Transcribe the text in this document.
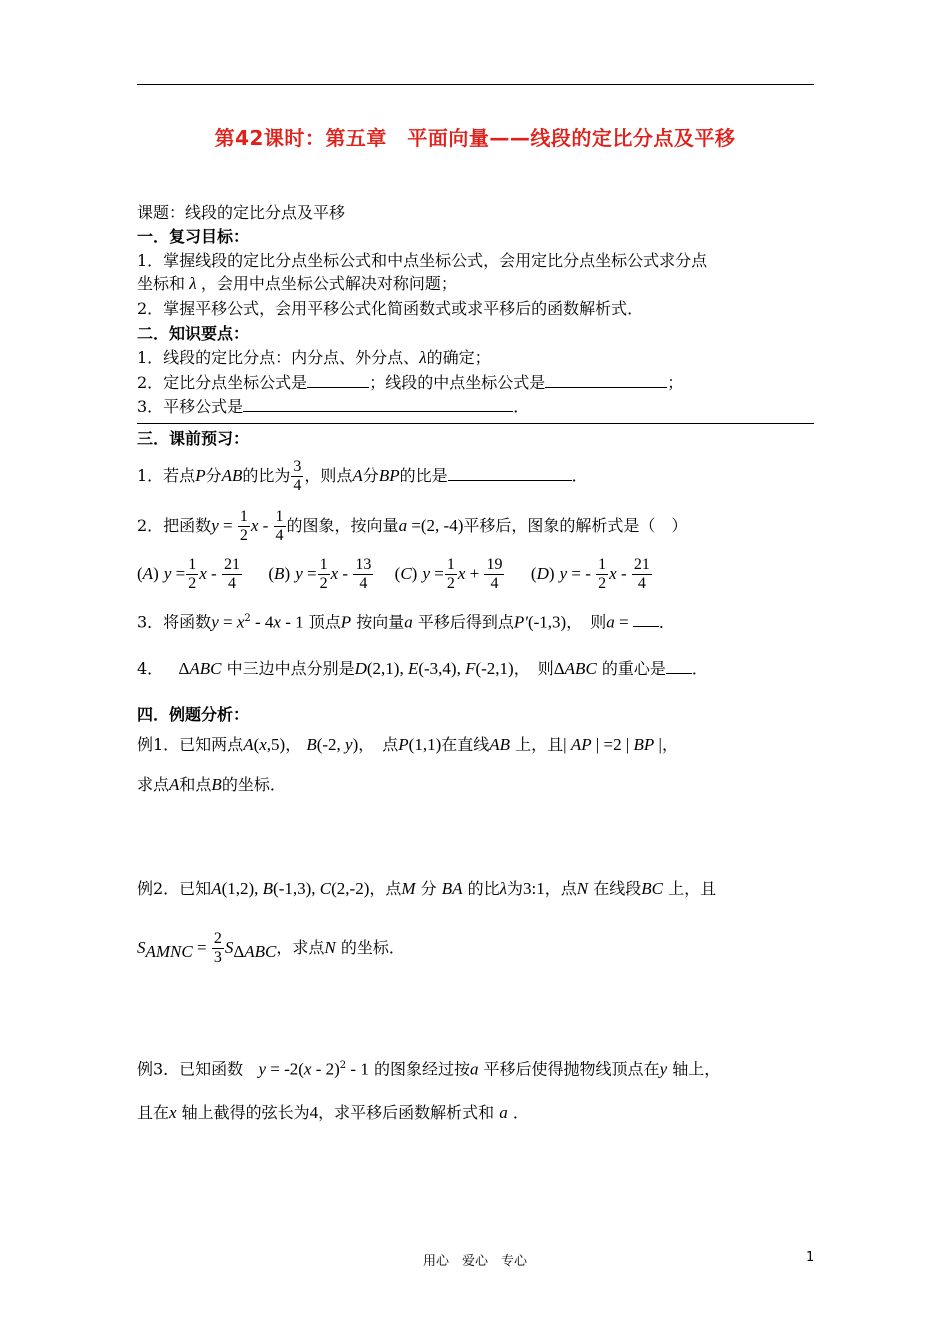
第42课时：第五章　平面向量——线段的定比分点及平移
课题：线段的定比分点及平移
一．复习目标：
1．掌握线段的定比分点坐标公式和中点坐标公式，会用定比分点坐标公式求分点
坐标和 λ ，会用中点坐标公式解决对称问题；
2．掌握平移公式，会用平移公式化简函数式或求平移后的函数解析式．
二．知识要点：
1．线段的定比分点：内分点、外分点、λ的确定；
2．定比分点坐标公式是	；线段的中点坐标公式是	；
3．平移公式是	．
三．课前预习：
1．若点P分AB的比为 $\frac{3}{4}$ ，则点A分BP的比是	．
2．把函数$y = \frac{1}{2}$ x - $\frac{1}{4}$ 的图象，按向量a =(2, -4)平移后，图象的解析式是（　）
(A) $y = \frac{1}{2}$ $x - \frac{21}{4} (B) y = \frac{1}{2}$ $x - \frac{13}{4} (C) y = \frac{1}{2}$ $x + \frac{19}{4} (D) y$ = - $\frac{1}{2}$ x - $\frac{21}{4}$
3．将函数$y = x^2 - 4x - 1$ 顶点P 按向量a 平移后得到点P′(-1,3)，　则a = ．
4． ΔABC 中三边中点分别是D(2,1), E(-3,4), F(-2,1)，　则ΔABC 的重心是 ．
四．例题分析：
例1．已知两点A(x,5)， B(-2, y)，　点P(1,1)在直线AB 上，且| AP | =2 | BP |，
求点A和点B的坐标．
例2．已知A(1,2), B(-1,3), C(2,-2)，点M 分 BA 的比λ为3:1，点N 在线段BC 上，且
$S_{AMNC} = \frac{2}{3} S_{\Delta ABC}$，求点N 的坐标．
例3．已知函数 y = -2(x - 2)$^2$ - 1 的图象经过按a 平移后使得抛物线顶点在y 轴上，
且在x 轴上截得的弦长为4，求平移后函数解析式和 a ．
用心　爱心　专心	1
